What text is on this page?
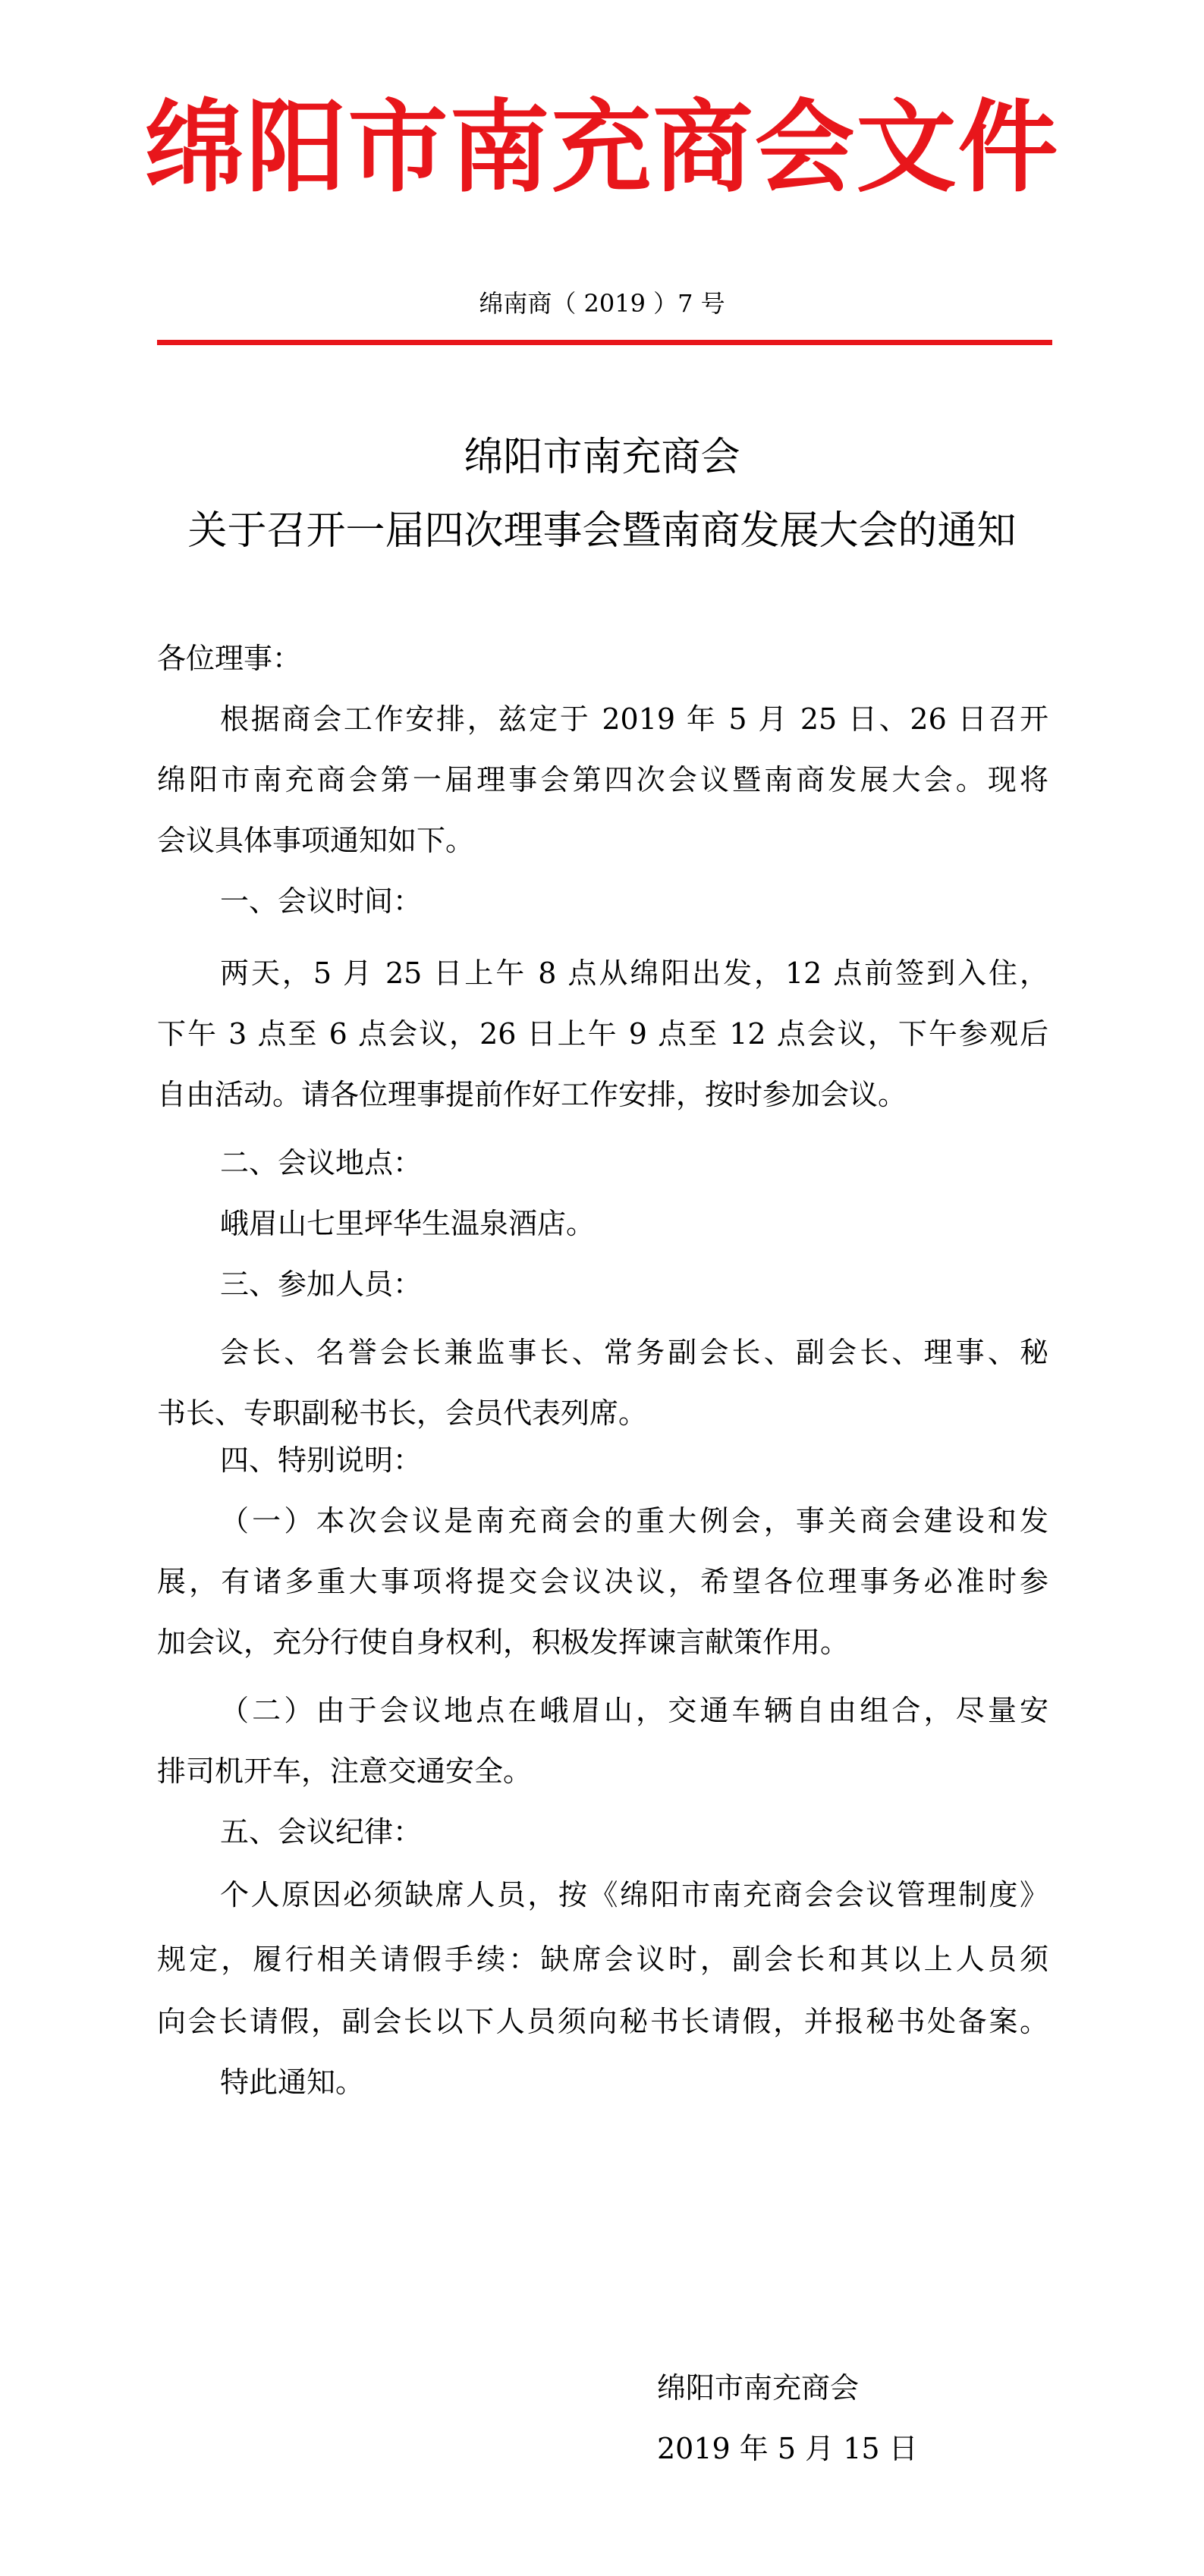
绵阳市南充商会文件
绵南商（ 2019 ）7 号
绵阳市南充商会
关于召开一届四次理事会暨南商发展大会的通知
各位理事：
根据商会工作安排，兹定于 2019 年 5 月 25 日、26 日召开
绵阳市南充商会第一届理事会第四次会议暨南商发展大会。现将
会议具体事项通知如下。
一、会议时间：
两天，5 月 25 日上午 8 点从绵阳出发，12 点前签到入住，
下午 3 点至 6 点会议，26 日上午 9 点至 12 点会议，下午参观后
自由活动。请各位理事提前作好工作安排，按时参加会议。
二、会议地点：
峨眉山七里坪华生温泉酒店。
三、参加人员：
会长、名誉会长兼监事长、常务副会长、副会长、理事、秘
书长、专职副秘书长，会员代表列席。
四、特别说明：
（一）本次会议是南充商会的重大例会，事关商会建设和发
展，有诸多重大事项将提交会议决议，希望各位理事务必准时参
加会议，充分行使自身权利，积极发挥谏言献策作用。
（二）由于会议地点在峨眉山，交通车辆自由组合，尽量安
排司机开车，注意交通安全。
五、会议纪律：
个人原因必须缺席人员，按《绵阳市南充商会会议管理制度》
规定，履行相关请假手续：缺席会议时，副会长和其以上人员须
向会长请假，副会长以下人员须向秘书长请假，并报秘书处备案。
特此通知。
绵阳市南充商会
2019 年 5 月 15 日
